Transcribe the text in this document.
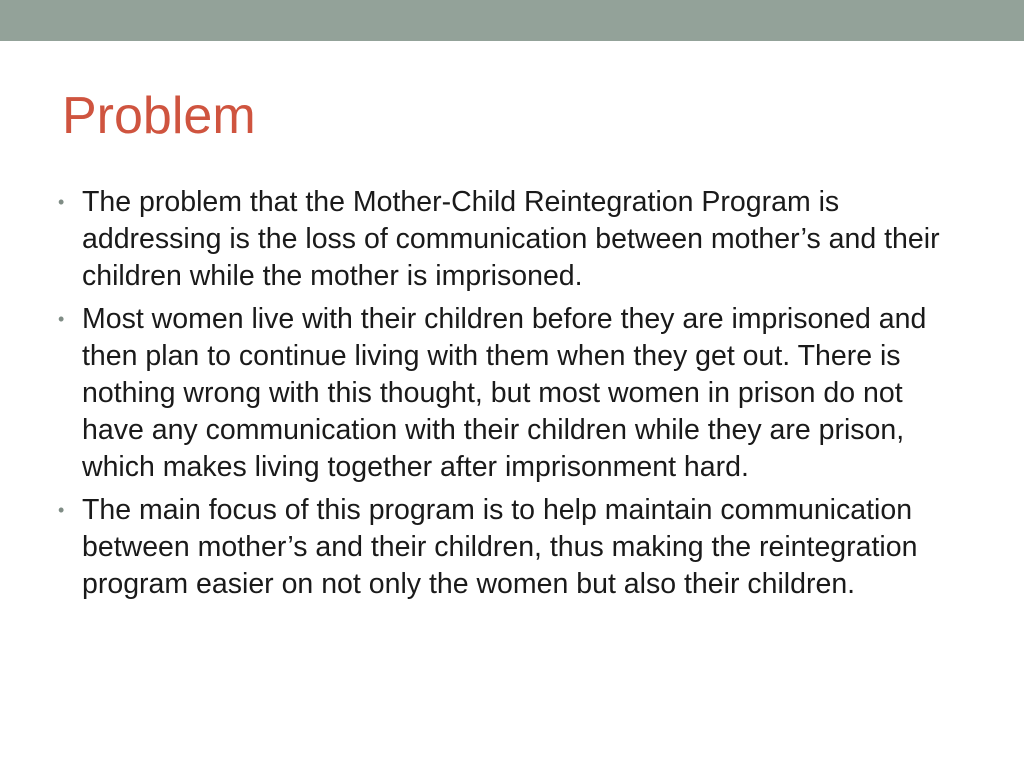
Problem
• The problem that the Mother-Child Reintegration Program is addressing is the loss of communication between mother’s and their children while the mother is imprisoned.
• Most women live with their children before they are imprisoned and then plan to continue living with them when they get out. There is nothing wrong with this thought, but most women in prison do not have any communication with their children while they are prison, which makes living together after imprisonment hard.
• The main focus of this program is to help maintain communication between mother’s and their children, thus making the reintegration program easier on not only the women but also their children.
